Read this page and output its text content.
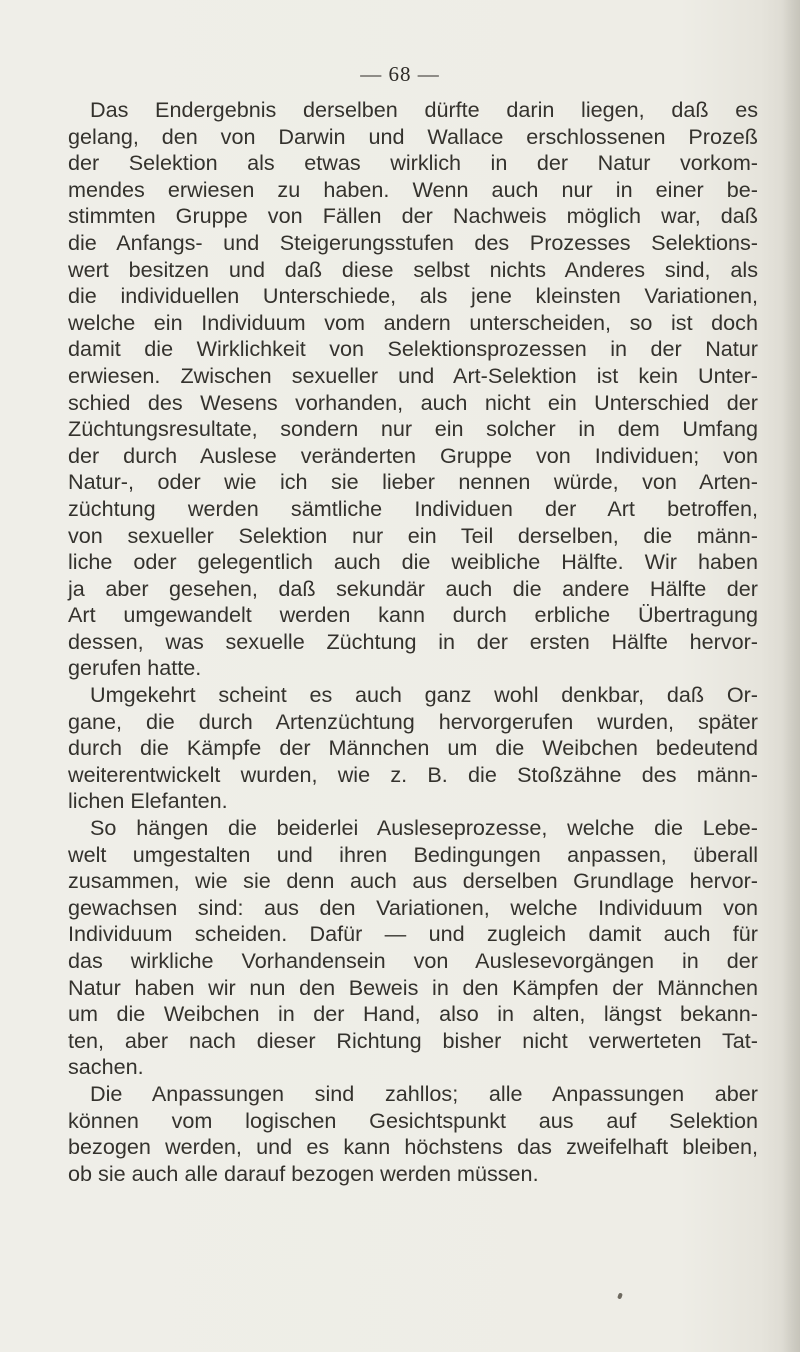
— 68 —
Das Endergebnis derselben dürfte darin liegen, daß es
gelang, den von Darwin und Wallace erschlossenen Prozeß
der Selektion als etwas wirklich in der Natur vorkom-
mendes erwiesen zu haben. Wenn auch nur in einer be-
stimmten Gruppe von Fällen der Nachweis möglich war, daß
die Anfangs- und Steigerungsstufen des Prozesses Selektions-
wert besitzen und daß diese selbst nichts Anderes sind, als
die individuellen Unterschiede, als jene kleinsten Variationen,
welche ein Individuum vom andern unterscheiden, so ist doch
damit die Wirklichkeit von Selektionsprozessen in der Natur
erwiesen. Zwischen sexueller und Art-Selektion ist kein Unter-
schied des Wesens vorhanden, auch nicht ein Unterschied der
Züchtungsresultate, sondern nur ein solcher in dem Umfang
der durch Auslese veränderten Gruppe von Individuen; von
Natur-, oder wie ich sie lieber nennen würde, von Arten-
züchtung werden sämtliche Individuen der Art betroffen,
von sexueller Selektion nur ein Teil derselben, die männ-
liche oder gelegentlich auch die weibliche Hälfte. Wir haben
ja aber gesehen, daß sekundär auch die andere Hälfte der
Art umgewandelt werden kann durch erbliche Übertragung
dessen, was sexuelle Züchtung in der ersten Hälfte hervor-
gerufen hatte.
Umgekehrt scheint es auch ganz wohl denkbar, daß Or-
gane, die durch Artenzüchtung hervorgerufen wurden, später
durch die Kämpfe der Männchen um die Weibchen bedeutend
weiterentwickelt wurden, wie z. B. die Stoßzähne des männ-
lichen Elefanten.
So hängen die beiderlei Ausleseprozesse, welche die Lebe-
welt umgestalten und ihren Bedingungen anpassen, überall
zusammen, wie sie denn auch aus derselben Grundlage hervor-
gewachsen sind: aus den Variationen, welche Individuum von
Individuum scheiden. Dafür — und zugleich damit auch für
das wirkliche Vorhandensein von Auslesevorgängen in der
Natur haben wir nun den Beweis in den Kämpfen der Männchen
um die Weibchen in der Hand, also in alten, längst bekann-
ten, aber nach dieser Richtung bisher nicht verwerteten Tat-
sachen.
Die Anpassungen sind zahllos; alle Anpassungen aber
können vom logischen Gesichtspunkt aus auf Selektion
bezogen werden, und es kann höchstens das zweifelhaft bleiben,
ob sie auch alle darauf bezogen werden müssen.
